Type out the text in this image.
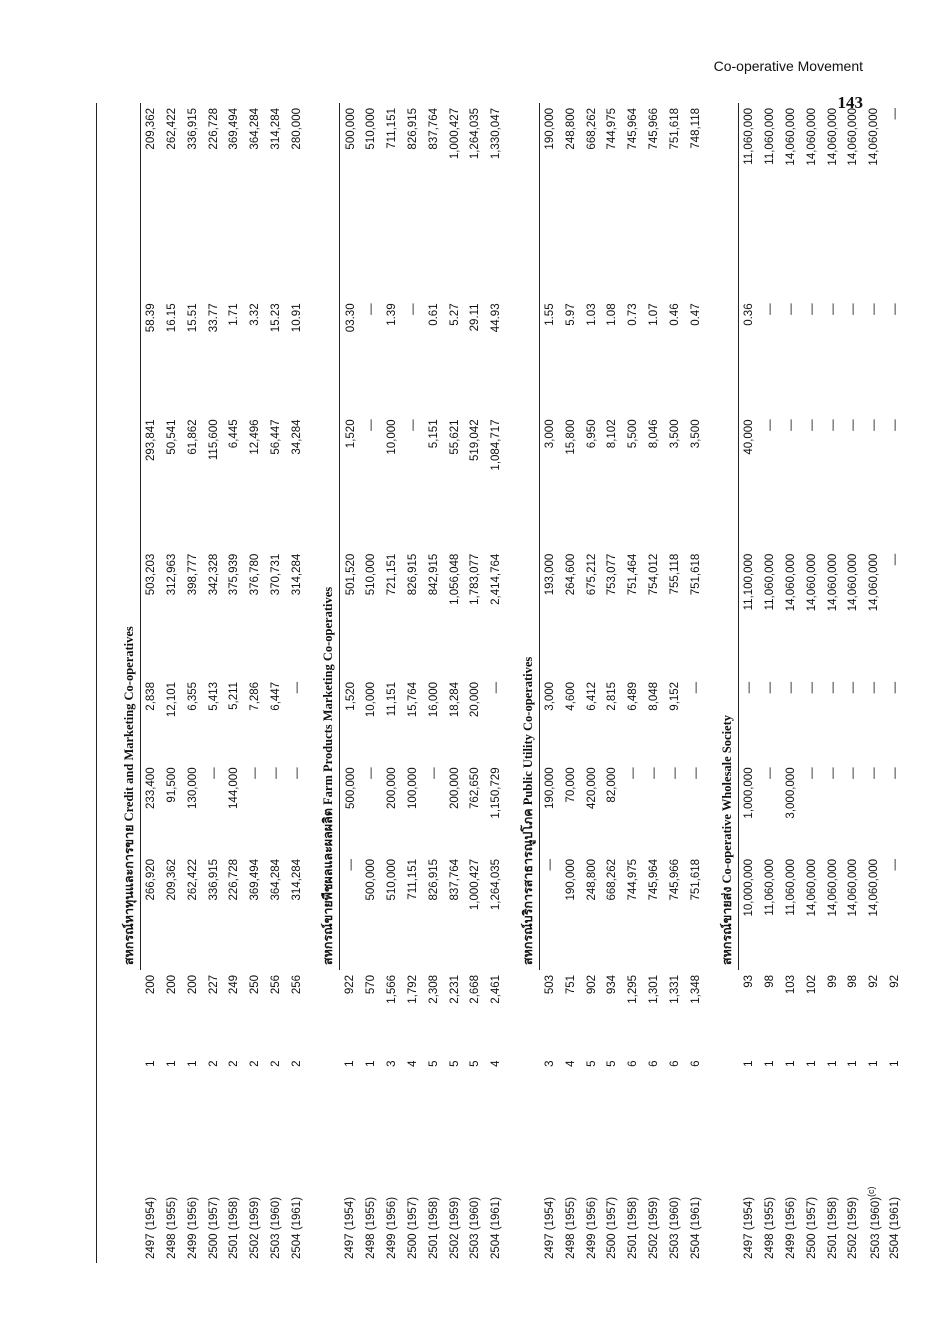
Co-operative Movement
143

			สหกรณ์หาทุนและการขาย Credit and Marketing Co-operatives						
2497 (1954)	1	200	266,920	233,400	2,838	503,203	293,841	58.39	209,362
2498 (1955)	1	200	209,362	91,500	12,101	312,963	50,541	16.15	262,422
2499 (1956)	1	200	262,422	130,000	6,355	398,777	61,862	15.51	336,915
2500 (1957)	2	227	336,915	—	5,413	342,328	115,600	33.77	226,728
2501 (1958)	2	249	226,728	144,000	5,211	375,939	6,445	1.71	369,494
2502 (1959)	2	250	369,494	—	7,286	376,780	12,496	3.32	364,284
2503 (1960)	2	256	364,284	—	6,447	370,731	56,447	15.23	314,284
2504 (1961)	2	256	314,284	—	—	314,284	34,284	10.91	280,000

			สหกรณ์ขายพืชผลและผลผลิต Farm Products Marketing Co-operatives						
2497 (1954)	1	922	—	500,000	1,520	501,520	1,520	03.30	500,000
2498 (1955)	1	570	500,000	—	10,000	510,000	—	—	510,000
2499 (1956)	3	1,566	510,000	200,000	11,151	721,151	10,000	1.39	711,151
2500 (1957)	4	1,792	711,151	100,000	15,764	826,915	—	—	826,915
2501 (1958)	5	2,308	826,915	—	16,000	842,915	5,151	0.61	837,764
2502 (1959)	5	2,231	837,764	200,000	18,284	1,056,048	55,621	5.27	1,000,427
2503 (1960)	5	2,668	1,000,427	762,650	20,000	1,783,077	519,042	29.11	1,264,035
2504 (1961)	4	2,461	1,264,035	1,150,729	—	2,414,764	1,084,717	44.93	1,330,047

			สหกรณ์บริการสาธารณูปโภค Public Utility Co-operatives						
2497 (1954)	3	503	—	190,000	3,000	193,000	3,000	1.55	190,000
2498 (1955)	4	751	190,000	70,000	4,600	264,600	15,800	5.97	248,800
2499 (1956)	5	902	248,800	420,000	6,412	675,212	6,950	1.03	668,262
2500 (1957)	5	934	668,262	82,000	2,815	753,077	8,102	1.08	744,975
2501 (1958)	6	1,295	744,975	—	6,489	751,464	5,500	0.73	745,964
2502 (1959)	6	1,301	745,964	—	8,048	754,012	8,046	1.07	745,966
2503 (1960)	6	1,331	745,966	—	9,152	755,118	3,500	0.46	751,618
2504 (1961)	6	1,348	751,618	—	—	751,618	3,500	0.47	748,118

			สหกรณ์ขายส่ง Co-operative Wholesale Society						
2497 (1954)	1	93	10,000,000	1,000,000	—	11,100,000	40,000	0.36	11,060,000
2498 (1955)	1	98	11,060,000	—	—	11,060,000	—	—	11,060,000
2499 (1956)	1	103	11,060,000	3,000,000	—	14,060,000	—	—	14,060,000
2500 (1957)	1	102	14,060,000	—	—	14,060,000	—	—	14,060,000
2501 (1958)	1	99	14,060,000	—	—	14,060,000	—	—	14,060,000
2502 (1959)	1	98	14,060,000	—	—	14,060,000	—	—	14,060,000
2503 $(1960)^{(c)}$	1	92	14,060,000	—	—	14,060,000	—	—	14,060,000
2504 (1961)	1	92	—	—	—	—	—	—	—
